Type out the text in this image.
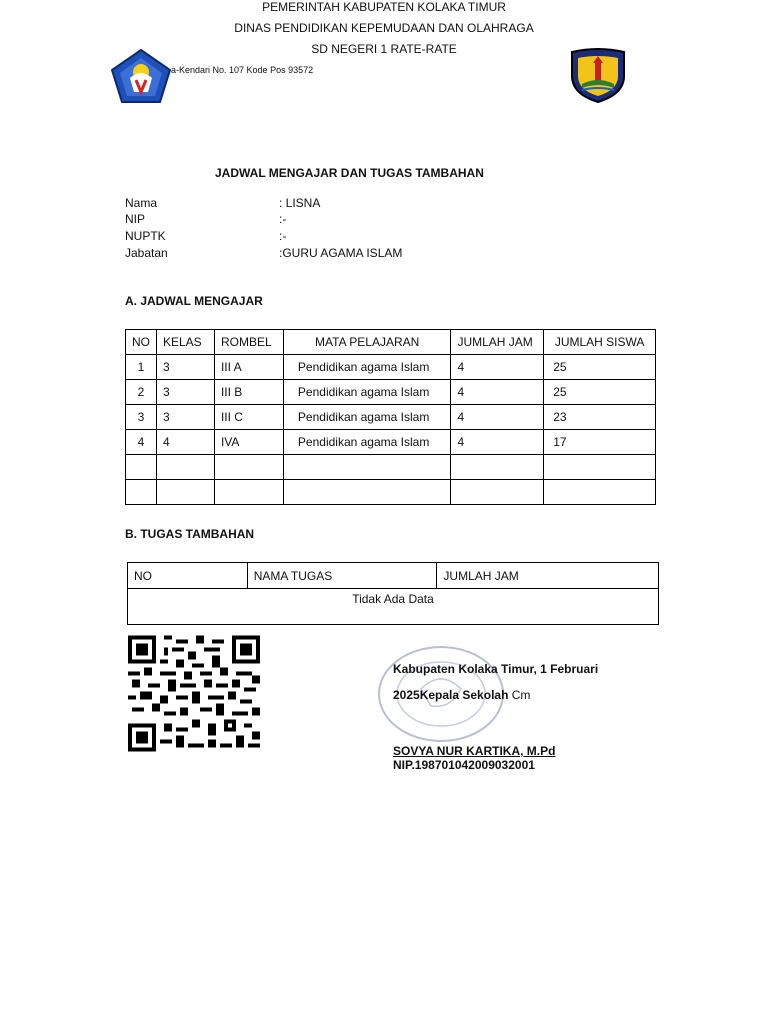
PEMERINTAH KABUPATEN KOLAKA TIMUR
DINAS PENDIDIKAN KEPEMUDAAN DAN OLAHRAGA
SD NEGERI 1 RATE-RATE
a-Kendari No. 107 Kode Pos 93572
JADWAL MENGAJAR DAN TUGAS TAMBAHAN
Nama	: LISNA
NIP	:-
NUPTK	:-
Jabatan	:GURU AGAMA ISLAM
A. JADWAL MENGAJAR
NO	KELAS	ROMBEL	MATA PELAJARAN	JUMLAH JAM	JUMLAH SISWA
1	3	III A	Pendidikan agama Islam	4	25
2	3	III B	Pendidikan agama Islam	4	25
3	3	III C	Pendidikan agama Islam	4	23
4	4	IVA	Pendidikan agama Islam	4	17

B. TUGAS TAMBAHAN
NO	NAMA TUGAS	JUMLAH JAM
Tidak Ada Data
Kabupaten Kolaka Timur, 1 Februari
2025Kepala Sekolah Cm
SOVYA NUR KARTIKA, M.Pd
NIP.198701042009032001
